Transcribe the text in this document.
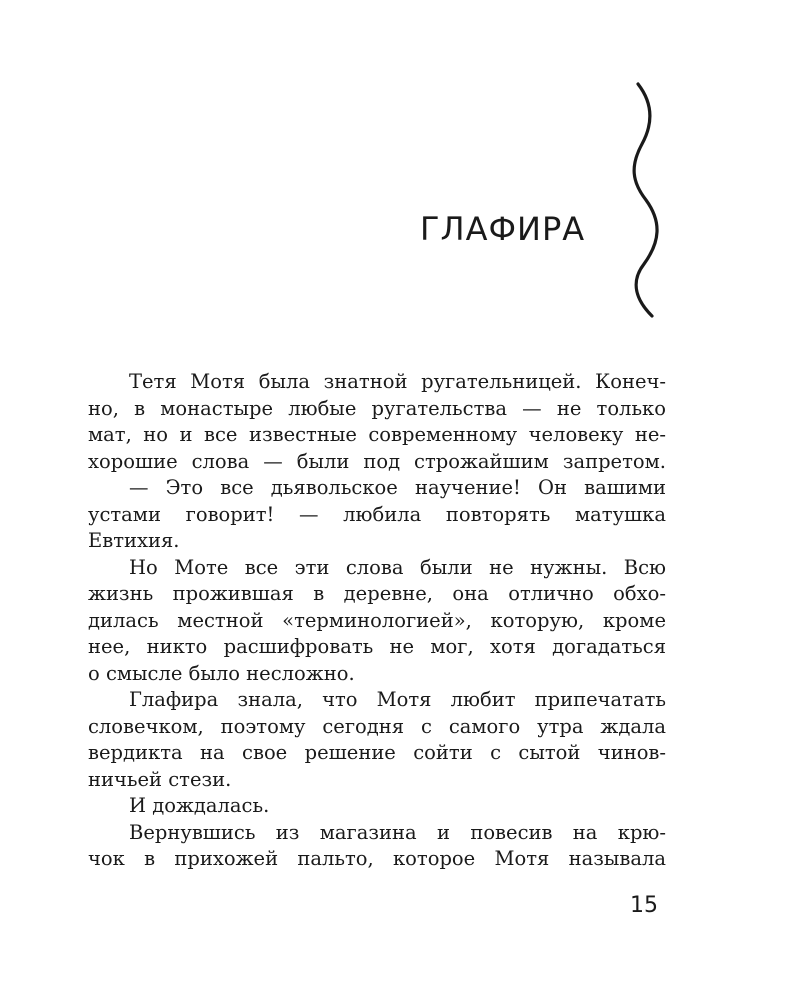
ГЛАФИРА
Тетя Мотя была знатной ругательницей. Конеч-
но, в монастыре любые ругательства — не только
мат, но и все известные современному человеку не-
хорошие слова — были под строжайшим запретом.
— Это все дьявольское научение! Он вашими
устами говорит! — любила повторять матушка
Евтихия.
Но Моте все эти слова были не нужны. Всю
жизнь прожившая в деревне, она отлично обхо-
дилась местной «терминологией», которую, кроме
нее, никто расшифровать не мог, хотя догадаться
о смысле было несложно.
Глафира знала, что Мотя любит припечатать
словечком, поэтому сегодня с самого утра ждала
вердикта на свое решение сойти с сытой чинов-
ничьей стези.
И дождалась.
Вернувшись из магазина и повесив на крю-
чок в прихожей пальто, которое Мотя называла
15
